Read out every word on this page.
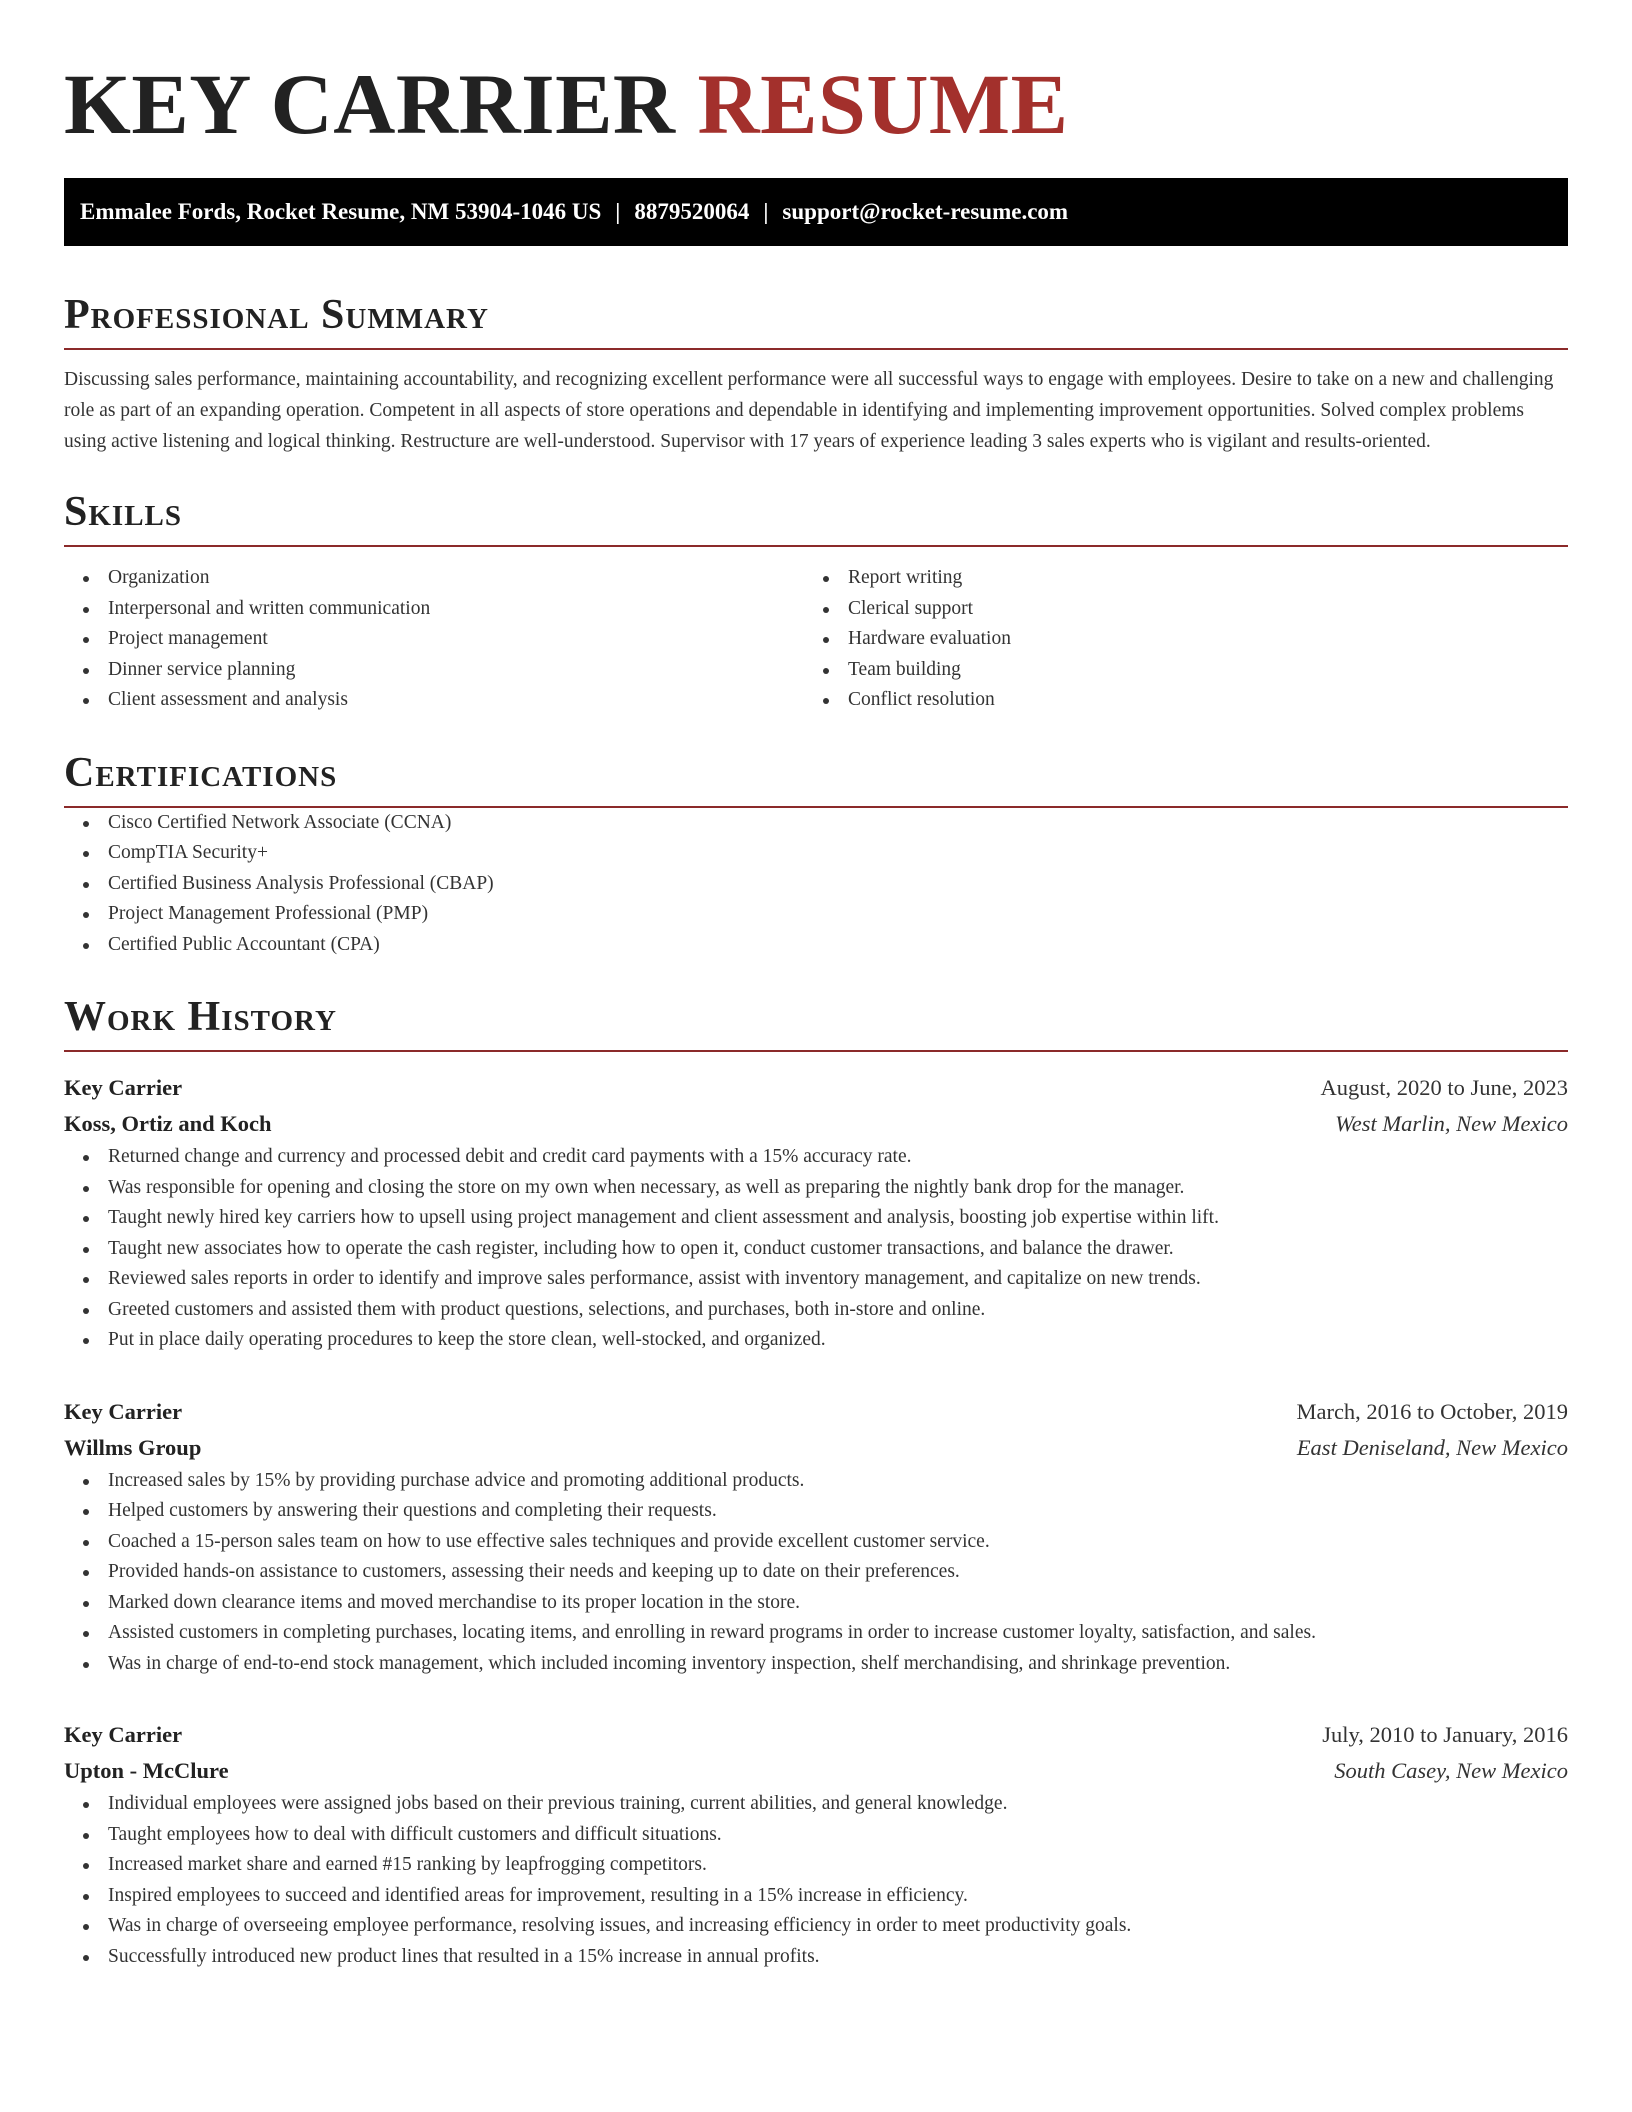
KEY CARRIER RESUME
Emmalee Fords, Rocket Resume, NM 53904-1046 US | 8879520064 | support@rocket-resume.com
Professional Summary

Discussing sales performance, maintaining accountability, and recognizing excellent performance were all successful ways to engage with employees. Desire to take on a new and challenging role as part of an expanding operation. Competent in all aspects of store operations and dependable in identifying and implementing improvement opportunities. Solved complex problems using active listening and logical thinking. Restructure are well-understood. Supervisor with 17 years of experience leading 3 sales experts who is vigilant and results-oriented.

Skills
Organization
Interpersonal and written communication
Project management
Dinner service planning
Client assessment and analysis
Report writing
Clerical support
Hardware evaluation
Team building
Conflict resolution
Certifications
Cisco Certified Network Associate (CCNA)
CompTIA Security+
Certified Business Analysis Professional (CBAP)
Project Management Professional (PMP)
Certified Public Accountant (CPA)
Work History
Key Carrier	August, 2020 to June, 2023
Koss, Ortiz and Koch	West Marlin, New Mexico
Returned change and currency and processed debit and credit card payments with a 15% accuracy rate.
Was responsible for opening and closing the store on my own when necessary, as well as preparing the nightly bank drop for the manager.
Taught newly hired key carriers how to upsell using project management and client assessment and analysis, boosting job expertise within lift.
Taught new associates how to operate the cash register, including how to open it, conduct customer transactions, and balance the drawer.
Reviewed sales reports in order to identify and improve sales performance, assist with inventory management, and capitalize on new trends.
Greeted customers and assisted them with product questions, selections, and purchases, both in-store and online.
Put in place daily operating procedures to keep the store clean, well-stocked, and organized.
Key Carrier	March, 2016 to October, 2019
Willms Group	East Deniseland, New Mexico
Increased sales by 15% by providing purchase advice and promoting additional products.
Helped customers by answering their questions and completing their requests.
Coached a 15-person sales team on how to use effective sales techniques and provide excellent customer service.
Provided hands-on assistance to customers, assessing their needs and keeping up to date on their preferences.
Marked down clearance items and moved merchandise to its proper location in the store.
Assisted customers in completing purchases, locating items, and enrolling in reward programs in order to increase customer loyalty, satisfaction, and sales.
Was in charge of end-to-end stock management, which included incoming inventory inspection, shelf merchandising, and shrinkage prevention.
Key Carrier	July, 2010 to January, 2016
Upton - McClure	South Casey, New Mexico
Individual employees were assigned jobs based on their previous training, current abilities, and general knowledge.
Taught employees how to deal with difficult customers and difficult situations.
Increased market share and earned #15 ranking by leapfrogging competitors.
Inspired employees to succeed and identified areas for improvement, resulting in a 15% increase in efficiency.
Was in charge of overseeing employee performance, resolving issues, and increasing efficiency in order to meet productivity goals.
Successfully introduced new product lines that resulted in a 15% increase in annual profits.
